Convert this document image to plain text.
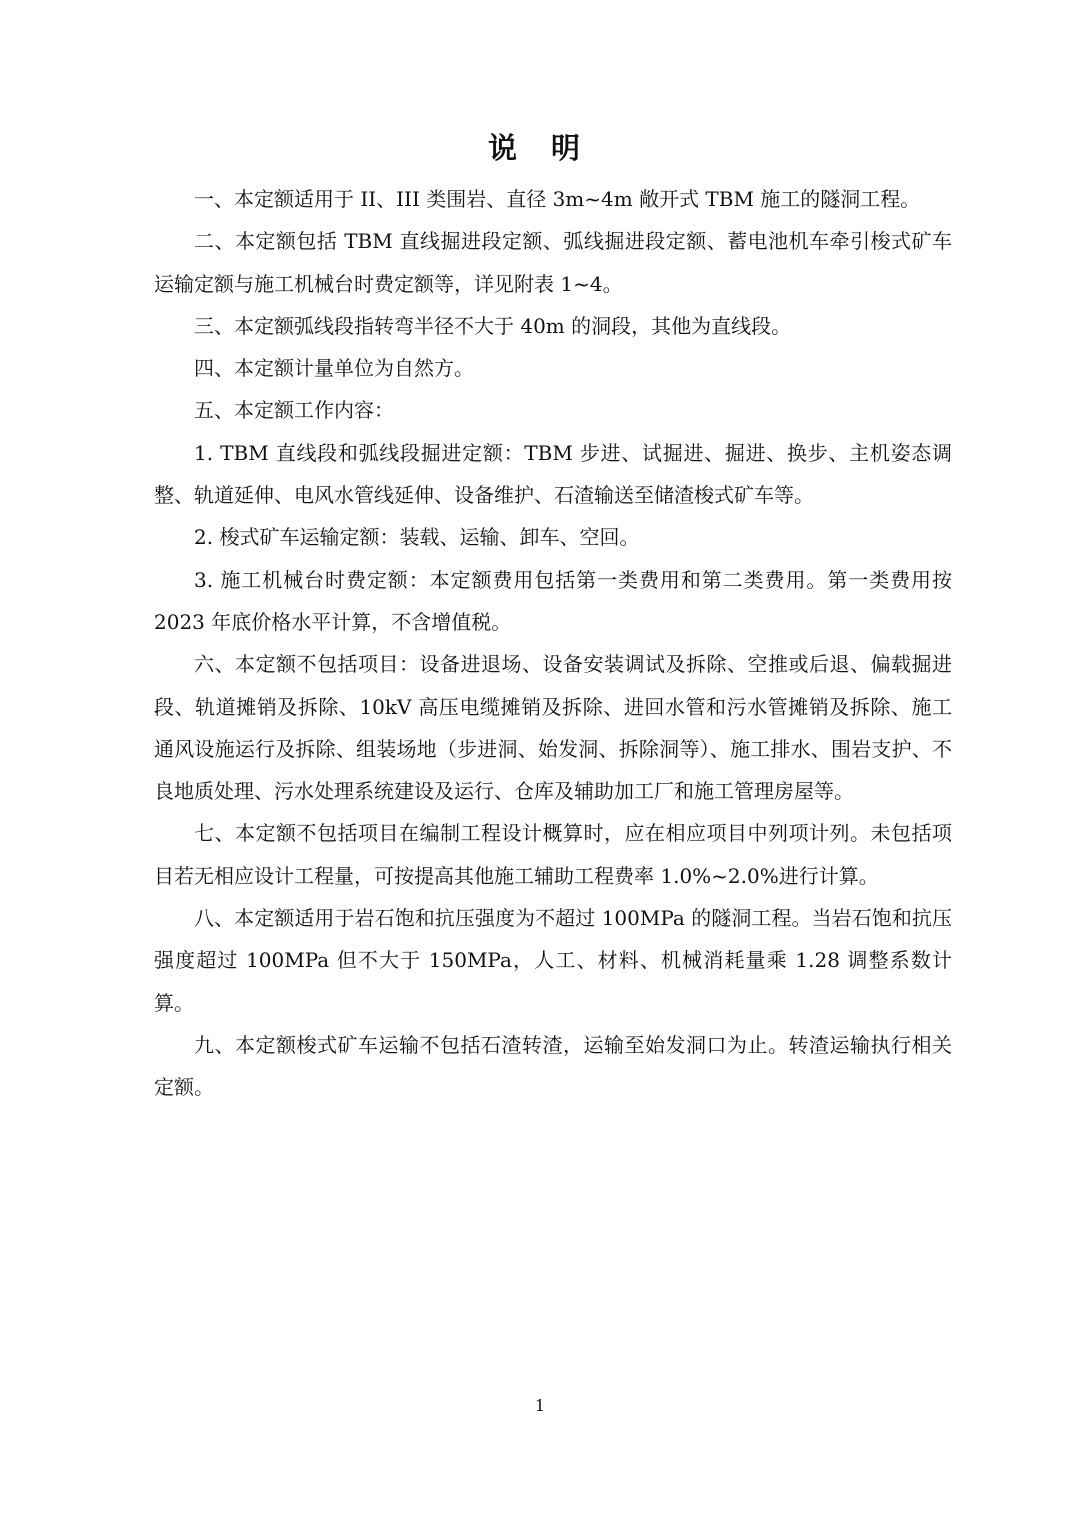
说 明

一、本定额适用于 II、III 类围岩、直径 3m~4m 敞开式 TBM 施工的隧洞工程。

二、本定额包括 TBM 直线掘进段定额、弧线掘进段定额、蓄电池机车牵引梭式矿车运输定额与施工机械台时费定额等，详见附表 1~4。

三、本定额弧线段指转弯半径不大于 40m 的洞段，其他为直线段。

四、本定额计量单位为自然方。

五、本定额工作内容：

1. TBM 直线段和弧线段掘进定额：TBM 步进、试掘进、掘进、换步、主机姿态调整、轨道延伸、电风水管线延伸、设备维护、石渣输送至储渣梭式矿车等。

2. 梭式矿车运输定额：装载、运输、卸车、空回。

3. 施工机械台时费定额：本定额费用包括第一类费用和第二类费用。第一类费用按 2023 年底价格水平计算，不含增值税。

六、本定额不包括项目：设备进退场、设备安装调试及拆除、空推或后退、偏载掘进段、轨道摊销及拆除、10kV 高压电缆摊销及拆除、进回水管和污水管摊销及拆除、施工通风设施运行及拆除、组装场地（步进洞、始发洞、拆除洞等）、施工排水、围岩支护、不良地质处理、污水处理系统建设及运行、仓库及辅助加工厂和施工管理房屋等。

七、本定额不包括项目在编制工程设计概算时，应在相应项目中列项计列。未包括项目若无相应设计工程量，可按提高其他施工辅助工程费率 1.0%~2.0%进行计算。

八、本定额适用于岩石饱和抗压强度为不超过 100MPa 的隧洞工程。当岩石饱和抗压强度超过 100MPa 但不大于 150MPa，人工、材料、机械消耗量乘 1.28 调整系数计算。

九、本定额梭式矿车运输不包括石渣转渣，运输至始发洞口为止。转渣运输执行相关定额。

1
